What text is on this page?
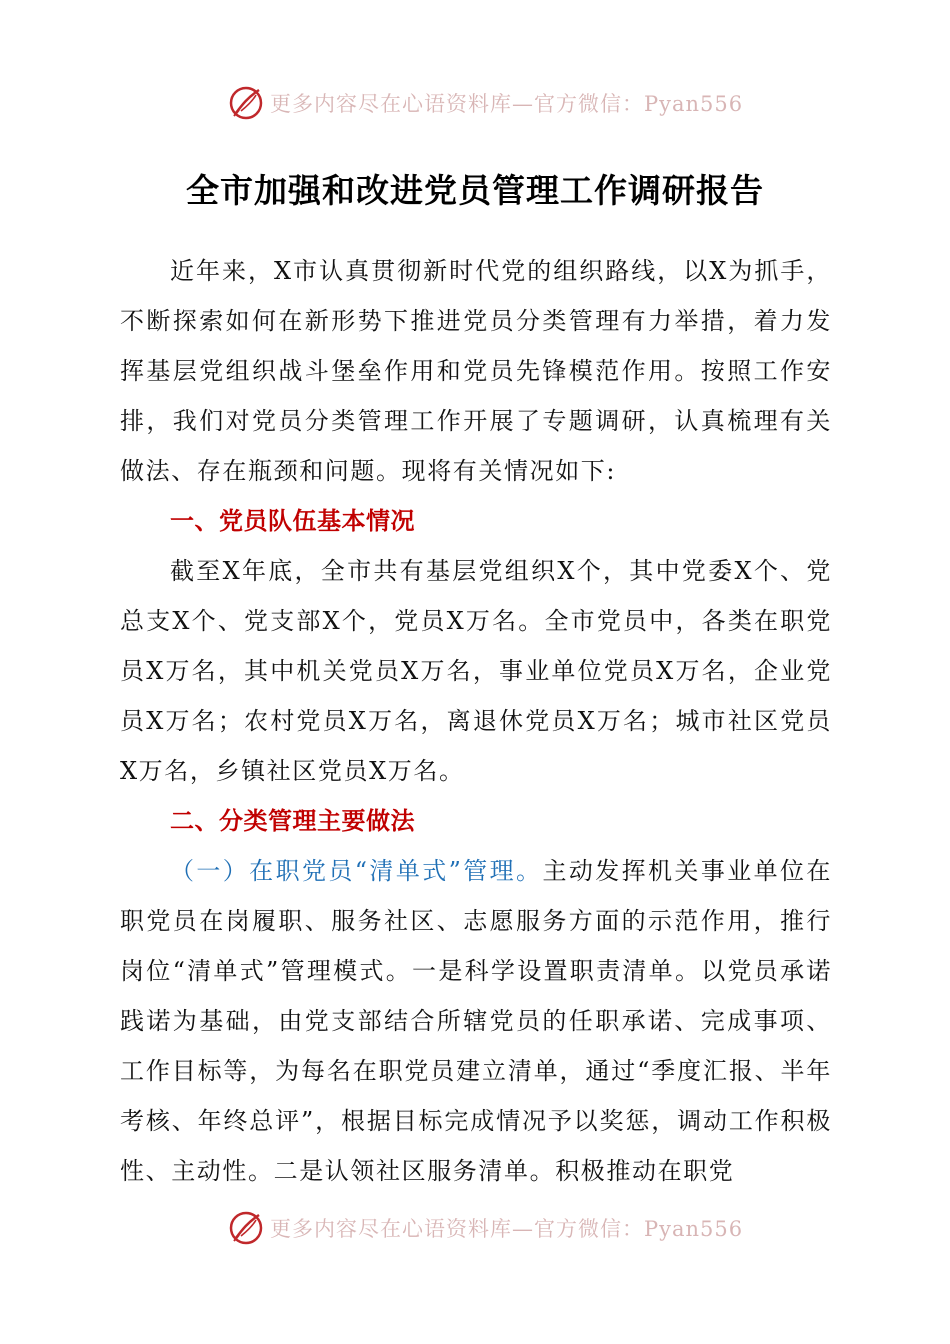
更多内容尽在心语资料库—官方微信：Pyan556
全市加强和改进党员管理工作调研报告

近年来，X市认真贯彻新时代党的组织路线，以X为抓手，不断探索如何在新形势下推进党员分类管理有力举措，着力发挥基层党组织战斗堡垒作用和党员先锋模范作用。按照工作安排，我们对党员分类管理工作开展了专题调研，认真梳理有关做法、存在瓶颈和问题。现将有关情况如下:

一、党员队伍基本情况

截至X年底，全市共有基层党组织X个，其中党委X个、党总支X个、党支部X个，党员X万名。全市党员中，各类在职党员X万名，其中机关党员X万名，事业单位党员X万名，企业党员X万名；农村党员X万名，离退休党员X万名；城市社区党员X万名，乡镇社区党员X万名。

二、分类管理主要做法

（一）在职党员“清单式”管理。主动发挥机关事业单位在职党员在岗履职、服务社区、志愿服务方面的示范作用，推行岗位“清单式”管理模式。一是科学设置职责清单。以党员承诺践诺为基础，由党支部结合所辖党员的任职承诺、完成事项、工作目标等，为每名在职党员建立清单，通过“季度汇报、半年考核、年终总评”，根据目标完成情况予以奖惩，调动工作积极性、主动性。二是认领社区服务清单。积极推动在职党

更多内容尽在心语资料库—官方微信：Pyan556
